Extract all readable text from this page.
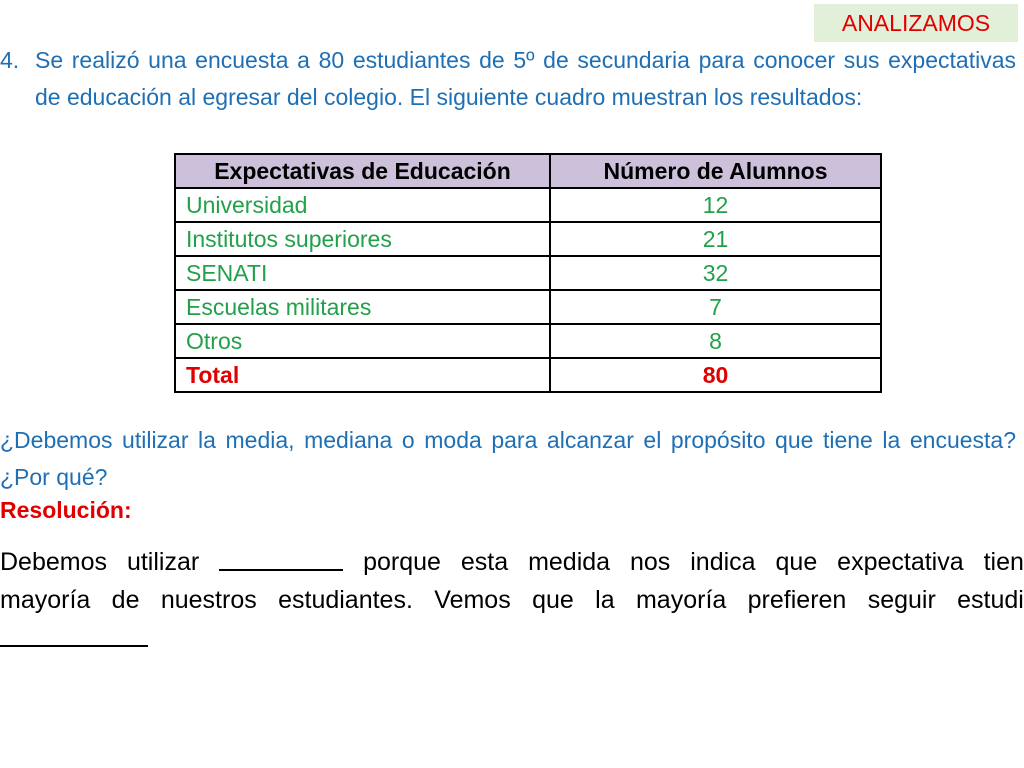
ANALIZAMOS
4. Se realizó una encuesta a 80 estudiantes de 5º de secundaria para conocer sus expectativas de educación al egresar del colegio. El siguiente cuadro muestran los resultados:
Expectativas de Educación	Número de Alumnos
Universidad	12
Institutos superiores	21
SENATI	32
Escuelas militares	7
Otros	8
Total	80
¿Debemos utilizar la media, mediana o moda para alcanzar el propósito que tiene la encuesta? ¿Por qué?
Resolución:
Debemos utilizar	porque esta medida nos indica que expectativa tien
mayoría de nuestros estudiantes. Vemos que la mayoría prefieren seguir estudi
